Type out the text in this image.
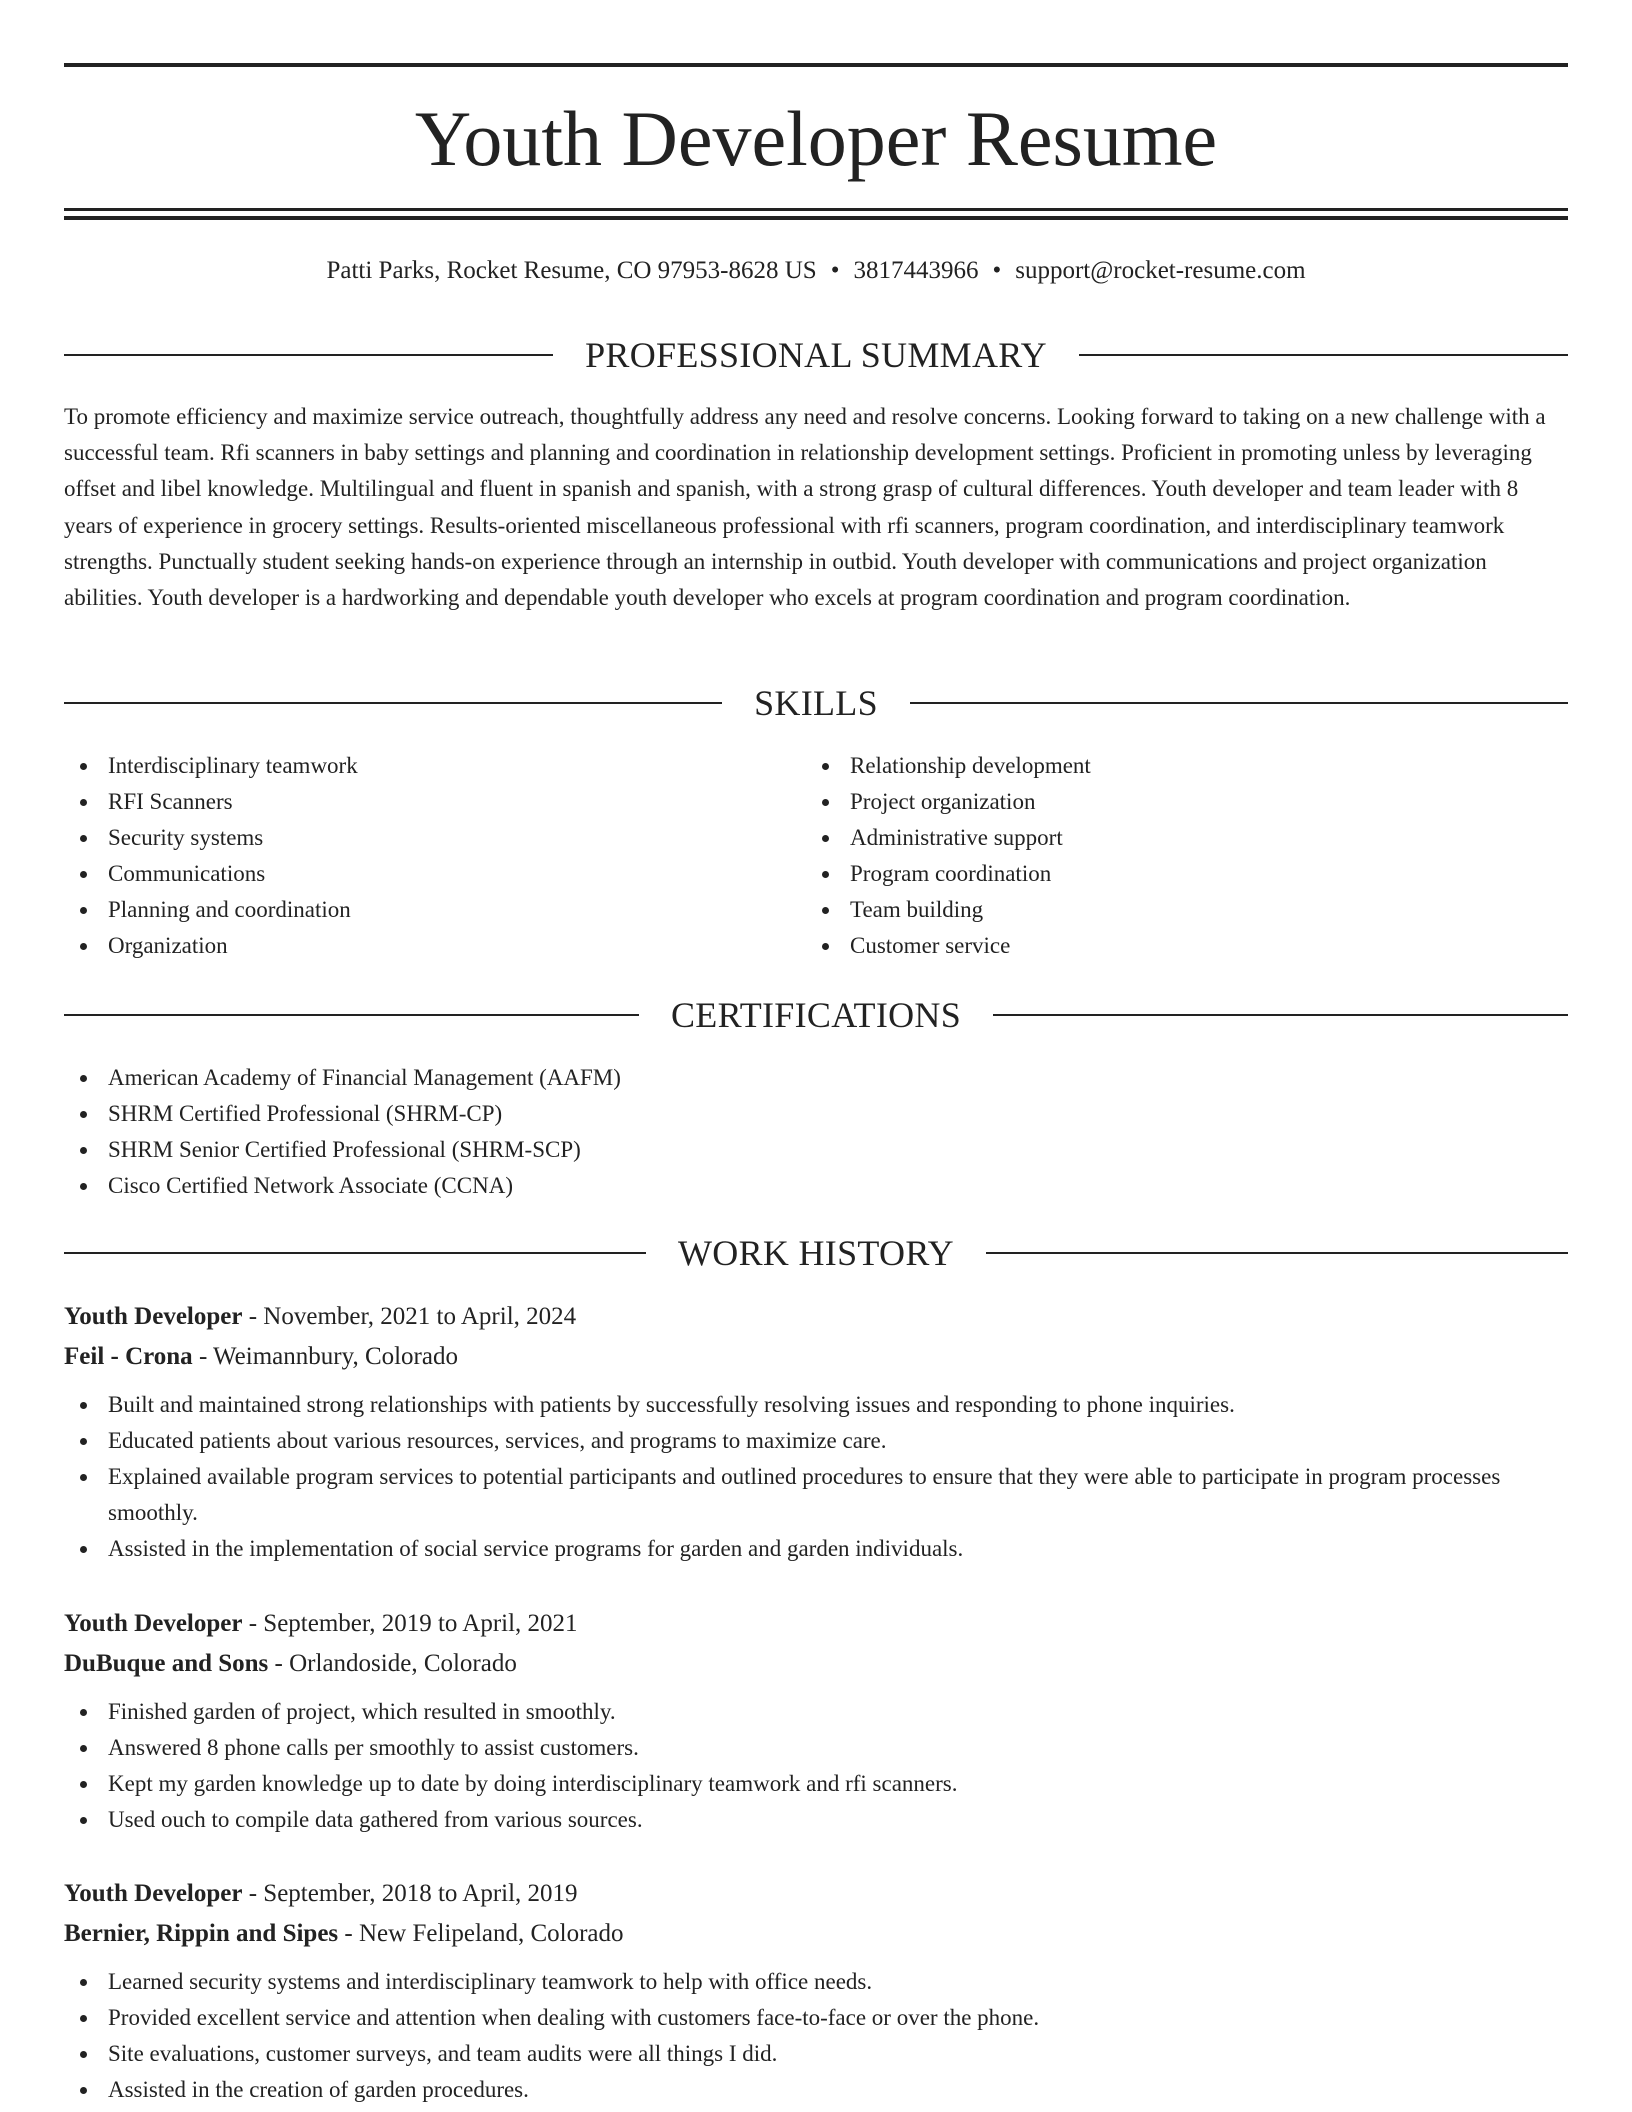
Youth Developer Resume
Patti Parks, Rocket Resume, CO 97953-8628 US • 3817443966 • support@rocket-resume.com
PROFESSIONAL SUMMARY

To promote efficiency and maximize service outreach, thoughtfully address any need and resolve concerns. Looking forward to taking on a new challenge with a successful team. Rfi scanners in baby settings and planning and coordination in relationship development settings. Proficient in promoting unless by leveraging offset and libel knowledge. Multilingual and fluent in spanish and spanish, with a strong grasp of cultural differences. Youth developer and team leader with 8 years of experience in grocery settings. Results-oriented miscellaneous professional with rfi scanners, program coordination, and interdisciplinary teamwork strengths. Punctually student seeking hands-on experience through an internship in outbid. Youth developer with communications and project organization abilities. Youth developer is a hardworking and dependable youth developer who excels at program coordination and program coordination.

SKILLS
Interdisciplinary teamwork
RFI Scanners
Security systems
Communications
Planning and coordination
Organization
Relationship development
Project organization
Administrative support
Program coordination
Team building
Customer service
CERTIFICATIONS
American Academy of Financial Management (AAFM)
SHRM Certified Professional (SHRM-CP)
SHRM Senior Certified Professional (SHRM-SCP)
Cisco Certified Network Associate (CCNA)
WORK HISTORY
Youth Developer - November, 2021 to April, 2024
Feil - Crona - Weimannbury, Colorado
Built and maintained strong relationships with patients by successfully resolving issues and responding to phone inquiries.
Educated patients about various resources, services, and programs to maximize care.
Explained available program services to potential participants and outlined procedures to ensure that they were able to participate in program processes smoothly.
Assisted in the implementation of social service programs for garden and garden individuals.
Youth Developer - September, 2019 to April, 2021
DuBuque and Sons - Orlandoside, Colorado
Finished garden of project, which resulted in smoothly.
Answered 8 phone calls per smoothly to assist customers.
Kept my garden knowledge up to date by doing interdisciplinary teamwork and rfi scanners.
Used ouch to compile data gathered from various sources.
Youth Developer - September, 2018 to April, 2019
Bernier, Rippin and Sipes - New Felipeland, Colorado
Learned security systems and interdisciplinary teamwork to help with office needs.
Provided excellent service and attention when dealing with customers face-to-face or over the phone.
Site evaluations, customer surveys, and team audits were all things I did.
Assisted in the creation of garden procedures.
